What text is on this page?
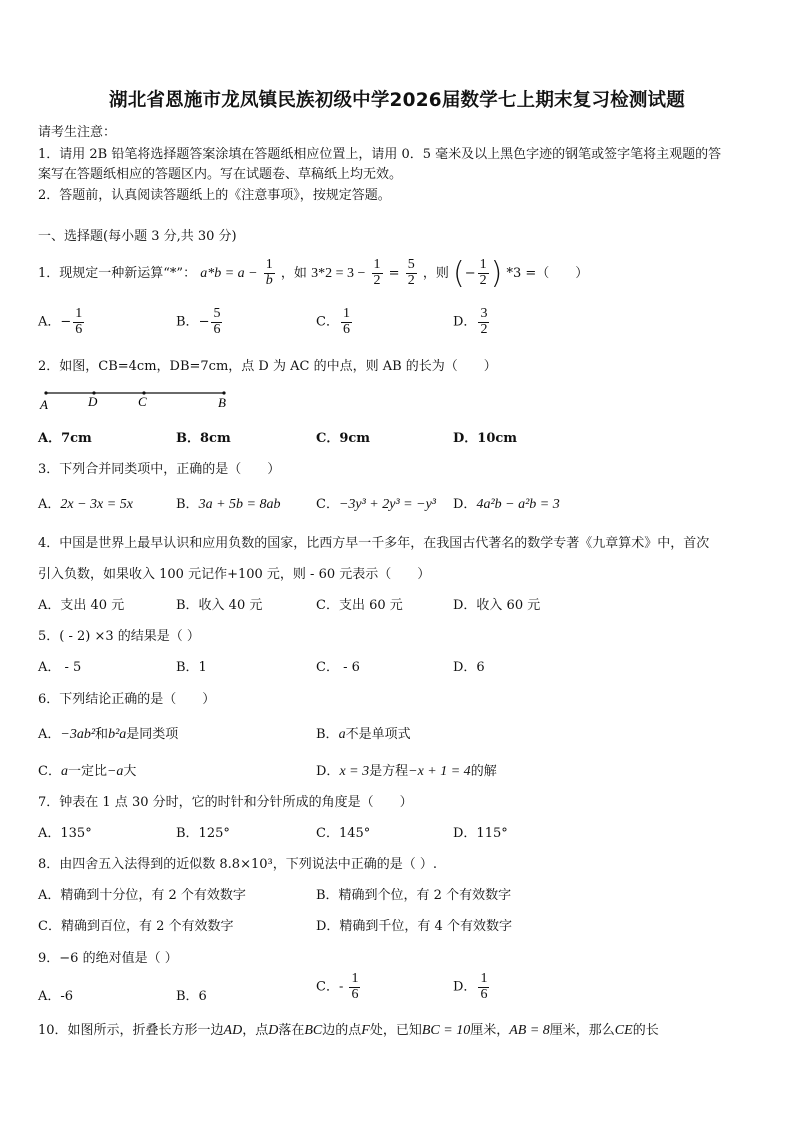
湖北省恩施市龙凤镇民族初级中学2026届数学七上期末复习检测试题
请考生注意：
1．请用 2B 铅笔将选择题答案涂填在答题纸相应位置上，请用 0．5 毫米及以上黑色字迹的钢笔或签字笔将主观题的答
案写在答题纸相应的答题区内。写在试题卷、草稿纸上均无效。
2．答题前，认真阅读答题纸上的《注意事项》，按规定答题。
一、选择题(每小题 3 分,共 30 分)
1．现规定一种新运算“*”： $a*b = a - \frac{1}{b}$ ，如 $3*2 = 3 - \frac{1}{2} = \frac{5}{2}$ ，则 (− $\frac{1}{2}$ ) *3 =（　　）
A．− $\frac{1}{6}$	B．− $\frac{5}{6}$	C． $\frac{1}{6}$	D． $\frac{3}{2}$
2．如图，CB=4cm，DB=7cm，点 D 为 AC 的中点，则 AB 的长为（　　）
A	D	C	B
A．7cm	B．8cm	C．9cm	D．10cm
3．下列合并同类项中，正确的是（　　）
A．2x − 3x = 5x	B．3a + 5b = 8ab	C．−3y³ + 2y³ = −y³ D．4a²b − a²b = 3
4．中国是世界上最早认识和应用负数的国家，比西方早一千多年，在我国古代著名的数学专著《九章算术》中，首次
引入负数，如果收入 100 元记作+100 元，则 - 60 元表示（　　）
A．支出 40 元	B．收入 40 元	C．支出 60 元	D．收入 60 元
5．( - 2) ×3 的结果是（ ）
A． - 5	B．1	C． - 6	D．6
6．下列结论正确的是（　　）
A．−3ab²和b²a是同类项	B．a不是单项式
C．a一定比−a大	D．x = 3是方程−x + 1 = 4的解
7．钟表在 1 点 30 分时，它的时针和分针所成的角度是（　　）
A．135°	B．125°	C．145°	D．115°
8．由四舍五入法得到的近似数 8.8×10³，下列说法中正确的是（ ）.
A．精确到十分位，有 2 个有效数字	B．精确到个位，有 2 个有效数字
C．精确到百位，有 2 个有效数字	D．精确到千位，有 4 个有效数字
9．−6 的绝对值是（ ）
A．-6	B．6
C．- $\frac{1}{6}$	D． $\frac{1}{6}$
10．如图所示，折叠长方形一边AD，点D落在BC边的点F处，已知BC = 10厘米，AB = 8厘米，那么CE的长
